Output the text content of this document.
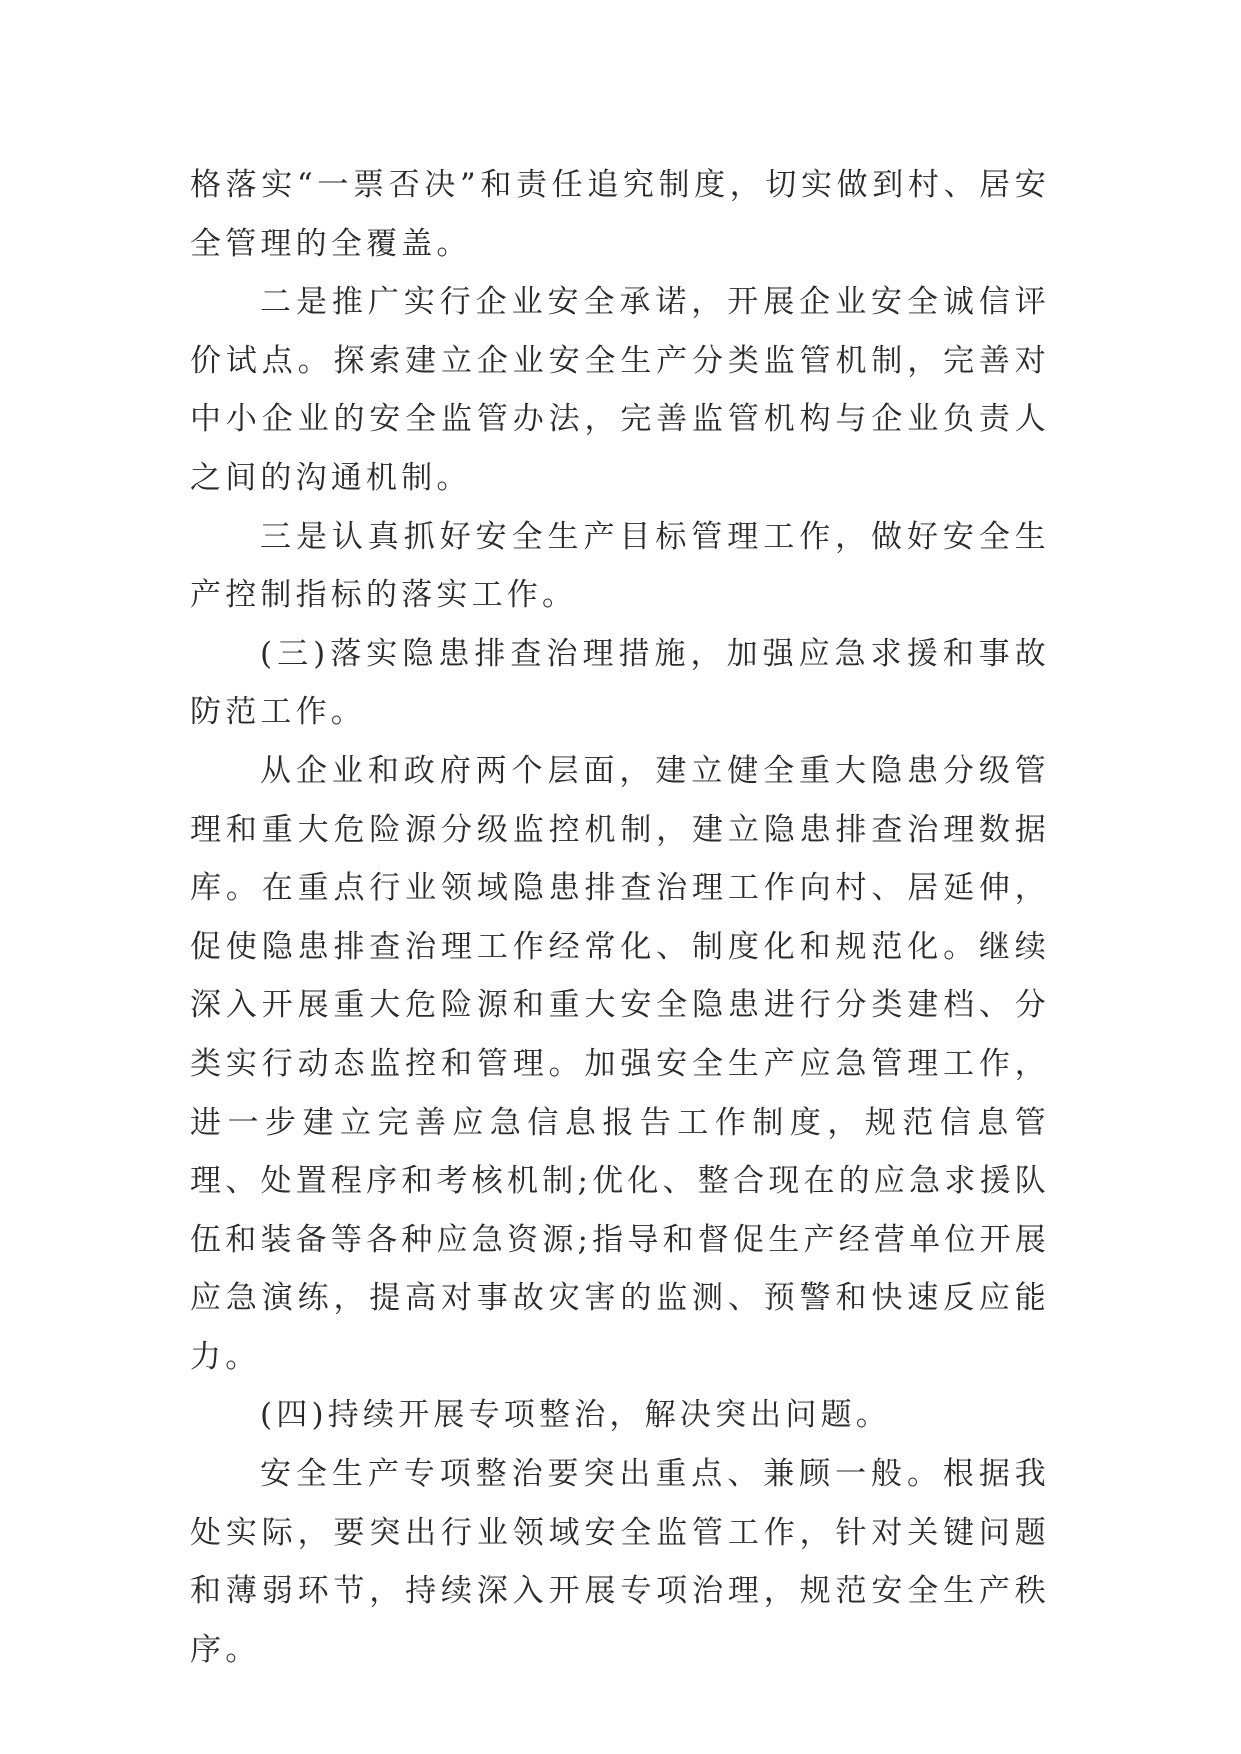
格落实“一票否决”和责任追究制度，切实做到村、居安全管理的全覆盖。

二是推广实行企业安全承诺，开展企业安全诚信评价试点。探索建立企业安全生产分类监管机制，完善对中小企业的安全监管办法，完善监管机构与企业负责人之间的沟通机制。

三是认真抓好安全生产目标管理工作，做好安全生产控制指标的落实工作。

(三)落实隐患排查治理措施，加强应急求援和事故防范工作。

从企业和政府两个层面，建立健全重大隐患分级管理和重大危险源分级监控机制，建立隐患排查治理数据库。在重点行业领域隐患排查治理工作向村、居延伸，促使隐患排查治理工作经常化、制度化和规范化。继续深入开展重大危险源和重大安全隐患进行分类建档、分类实行动态监控和管理。加强安全生产应急管理工作，进一步建立完善应急信息报告工作制度，规范信息管理、处置程序和考核机制;优化、整合现在的应急求援队伍和装备等各种应急资源;指导和督促生产经营单位开展应急演练，提高对事故灾害的监测、预警和快速反应能力。

(四)持续开展专项整治，解决突出问题。

安全生产专项整治要突出重点、兼顾一般。根据我处实际，要突出行业领域安全监管工作，针对关键问题和薄弱环节，持续深入开展专项治理，规范安全生产秩序。
